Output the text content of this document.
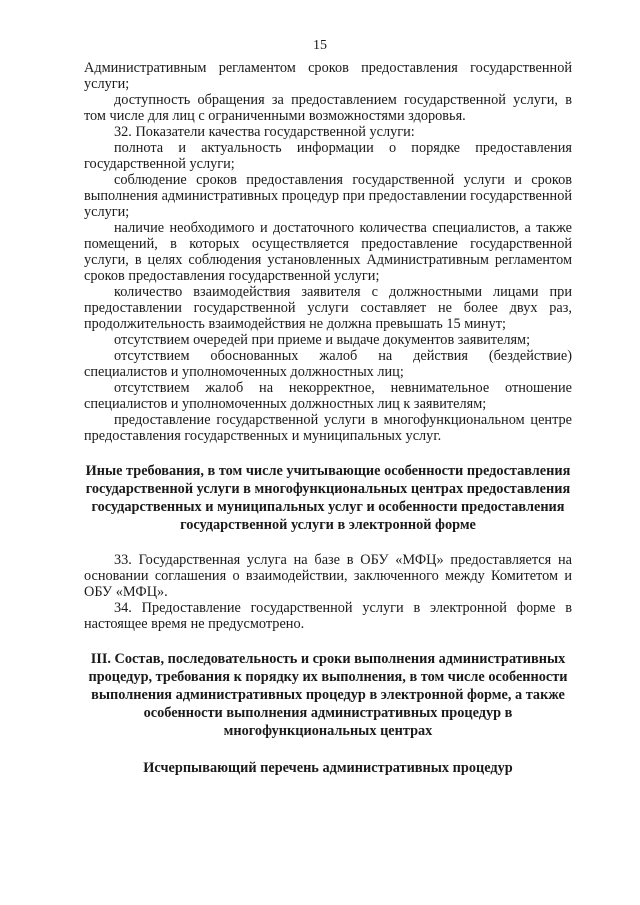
15

Административным регламентом сроков предоставления государственной услуги;

доступность обращения за предоставлением государственной услуги, в том числе для лиц с ограниченными возможностями здоровья.

32. Показатели качества государственной услуги:

полнота и актуальность информации о порядке предоставления государственной услуги;

соблюдение сроков предоставления государственной услуги и сроков выполнения административных процедур при предоставлении государственной услуги;

наличие необходимого и достаточного количества специалистов, а также помещений, в которых осуществляется предоставление государственной услуги, в целях соблюдения установленных Административным регламентом сроков предоставления государственной услуги;

количество взаимодействия заявителя с должностными лицами при предоставлении государственной услуги составляет не более двух раз, продолжительность взаимодействия не должна превышать 15 минут;

отсутствием очередей при приеме и выдаче документов заявителям;

отсутствием обоснованных жалоб на действия (бездействие) специалистов и уполномоченных должностных лиц;

отсутствием жалоб на некорректное, невнимательное отношение специалистов и уполномоченных должностных лиц к заявителям;

предоставление государственной услуги в многофункциональном центре предоставления государственных и муниципальных услуг.

Иные требования, в том числе учитывающие особенности предоставления государственной услуги в многофункциональных центрах предоставления государственных и муниципальных услуг и особенности предоставления государственной услуги в электронной форме

33. Государственная услуга на базе в ОБУ «МФЦ» предоставляется на основании соглашения о взаимодействии, заключенного между Комитетом и ОБУ «МФЦ».

34. Предоставление государственной услуги в электронной форме в настоящее время не предусмотрено.

III. Состав, последовательность и сроки выполнения административных процедур, требования к порядку их выполнения, в том числе особенности выполнения административных процедур в электронной форме, а также особенности выполнения административных процедур в многофункциональных центрах

Исчерпывающий перечень административных процедур
